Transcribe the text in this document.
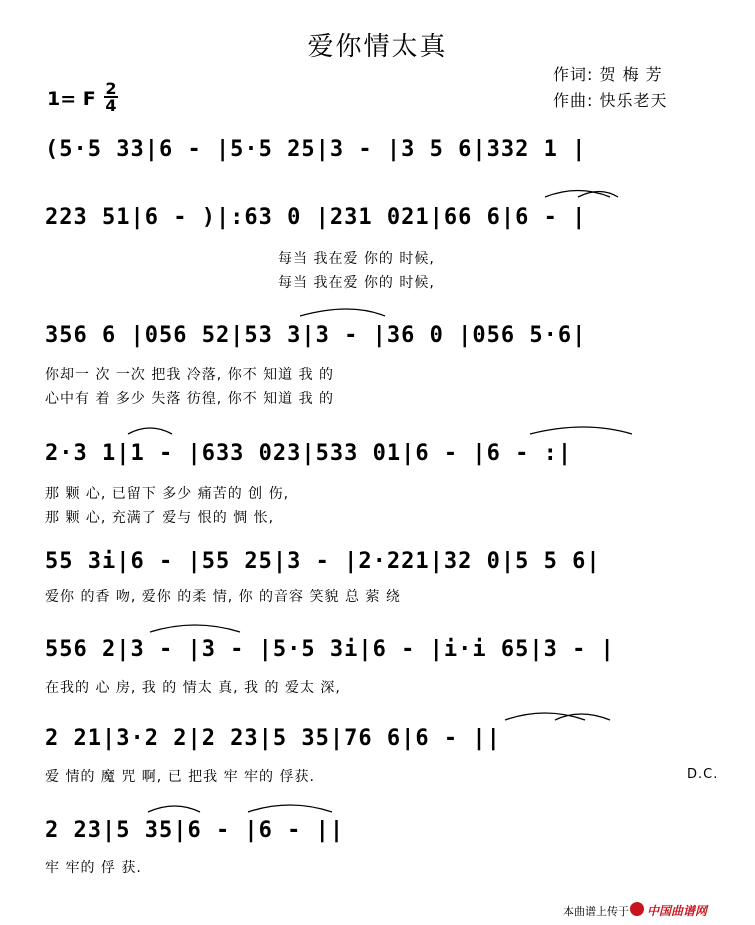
爱你情太真
作词: 贺 梅 芳
作曲: 快乐老天
1= F 2
4
(5·5 33|6 - |5·5 25|3 - |3 5 6|332 1 |
223 51|6 - )|:63 0 |231 021|66 6|6 - |
每当 我在爱 你的 时候,
每当 我在爱 你的 时候,
356 6 |056 52|53 3|3 - |36 0 |056 5·6|
你却一 次 一次 把我 冷落, 你不 知道 我 的
心中有 着 多少 失落 彷徨, 你不 知道 我 的
2·3 1|1 - |633 023|533 01|6 - |6 - :|
那 颗 心, 已留下 多少 痛苦的 创 伤,
那 颗 心, 充满了 爱与 恨的 惆 怅,
55 3i|6 - |55 25|3 - |2·221|32 0|5 5 6|
爱你 的香 吻, 爱你 的柔 情, 你 的音容 笑貌 总 萦 绕
556 2|3 - |3 - |5·5 3i|6 - |i·i 65|3 - |
在我的 心 房, 我 的 情太 真, 我 的 爱太 深,
2 21|3·2 2|2 23|5 35|76 6|6 - ||
爱 情的 魔 咒 啊, 已 把我 牢 牢的 俘获.	D.C.
2 23|5 35|6 - |6 - ||
牢 牢的 俘 获.
本曲谱上传于 中国曲谱网
